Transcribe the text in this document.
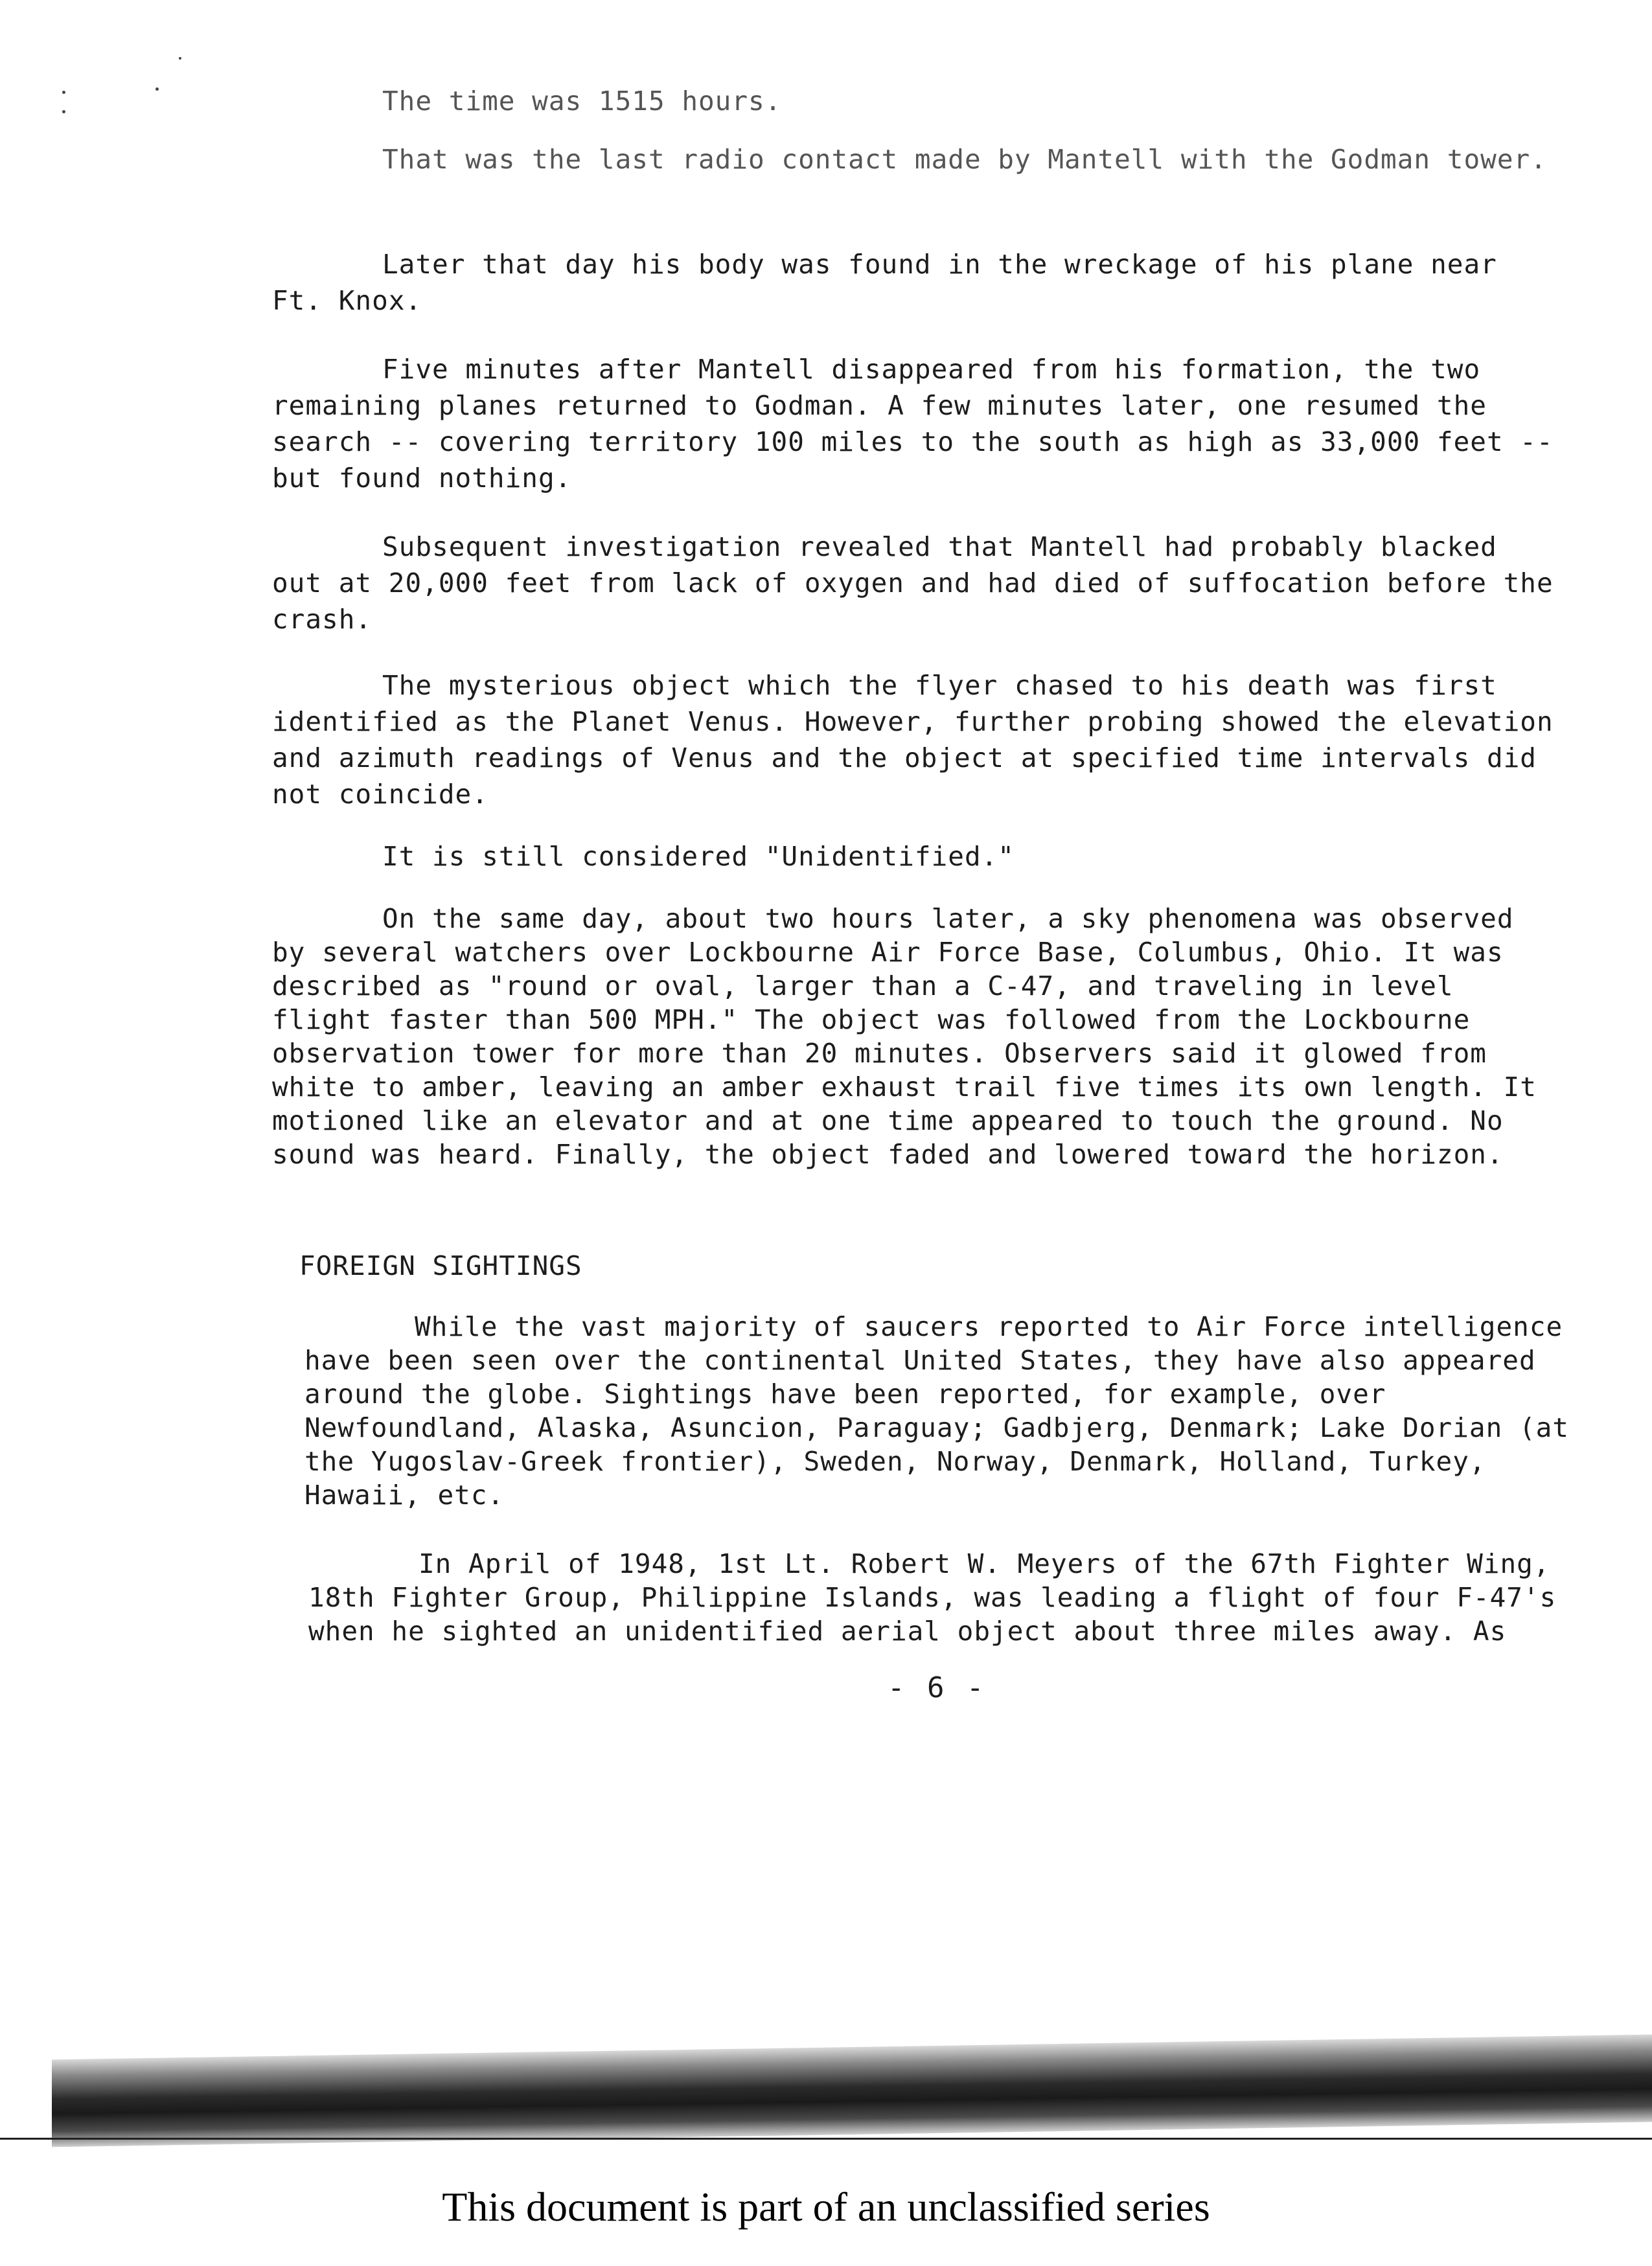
The time was 1515 hours.

That was the last radio contact made by Mantell with the Godman tower.

Later that day his body was found in the wreckage of his plane near Ft. Knox.

Five minutes after Mantell disappeared from his formation, the two remaining planes returned to Godman. A few minutes later, one resumed the search -- covering territory 100 miles to the south as high as 33,000 feet -- but found nothing.

Subsequent investigation revealed that Mantell had probably blacked out at 20,000 feet from lack of oxygen and had died of suffocation before the crash.

The mysterious object which the flyer chased to his death was first identified as the Planet Venus. However, further probing showed the elevation and azimuth readings of Venus and the object at specified time intervals did not coincide.

It is still considered "Unidentified."

On the same day, about two hours later, a sky phenomena was observed by several watchers over Lockbourne Air Force Base, Columbus, Ohio. It was described as "round or oval, larger than a C-47, and traveling in level flight faster than 500 MPH." The object was followed from the Lockbourne observation tower for more than 20 minutes. Observers said it glowed from white to amber, leaving an amber exhaust trail five times its own length. It motioned like an elevator and at one time appeared to touch the ground. No sound was heard. Finally, the object faded and lowered toward the horizon.

FOREIGN SIGHTINGS

While the vast majority of saucers reported to Air Force intelligence have been seen over the continental United States, they have also appeared around the globe. Sightings have been reported, for example, over Newfoundland, Alaska, Asuncion, Paraguay; Gadbjerg, Denmark; Lake Dorian (at the Yugoslav-Greek frontier), Sweden, Norway, Denmark, Holland, Turkey, Hawaii, etc.

In April of 1948, 1st Lt. Robert W. Meyers of the 67th Fighter Wing, 18th Fighter Group, Philippine Islands, was leading a flight of four F-47's when he sighted an unidentified aerial object about three miles away. As

- 6 -
This document is part of an unclassified series
